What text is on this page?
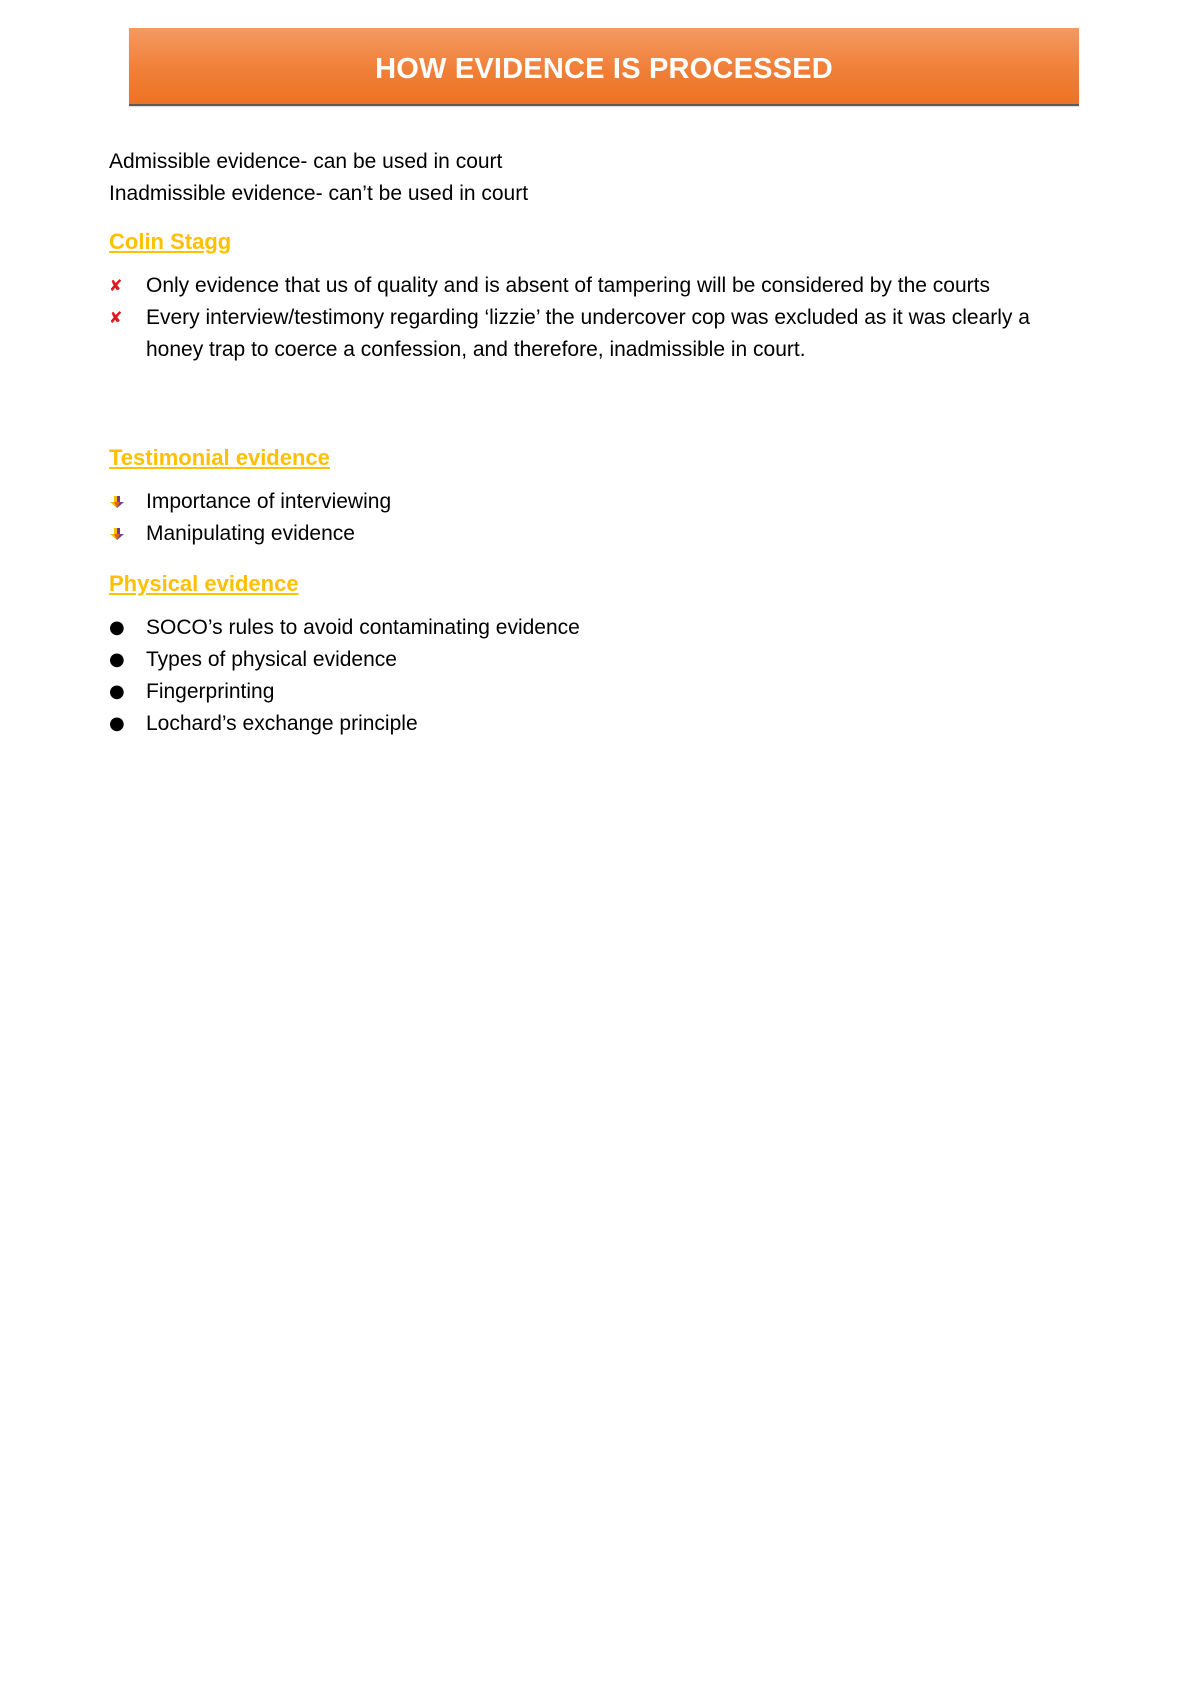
HOW EVIDENCE IS PROCESSED

Admissible evidence- can be used in court

Inadmissible evidence- can’t be used in court

Colin Stagg

✘ Only evidence that us of quality and is absent of tampering will be considered by the courts
✘ Every interview/testimony regarding ‘lizzie’ the undercover cop was excluded as it was clearly a honey trap to coerce a confession, and therefore, inadmissible in court.

Testimonial evidence

Importance of interviewing
Manipulating evidence

Physical evidence

● SOCO’s rules to avoid contaminating evidence
● Types of physical evidence
● Fingerprinting
● Lochard’s exchange principle
